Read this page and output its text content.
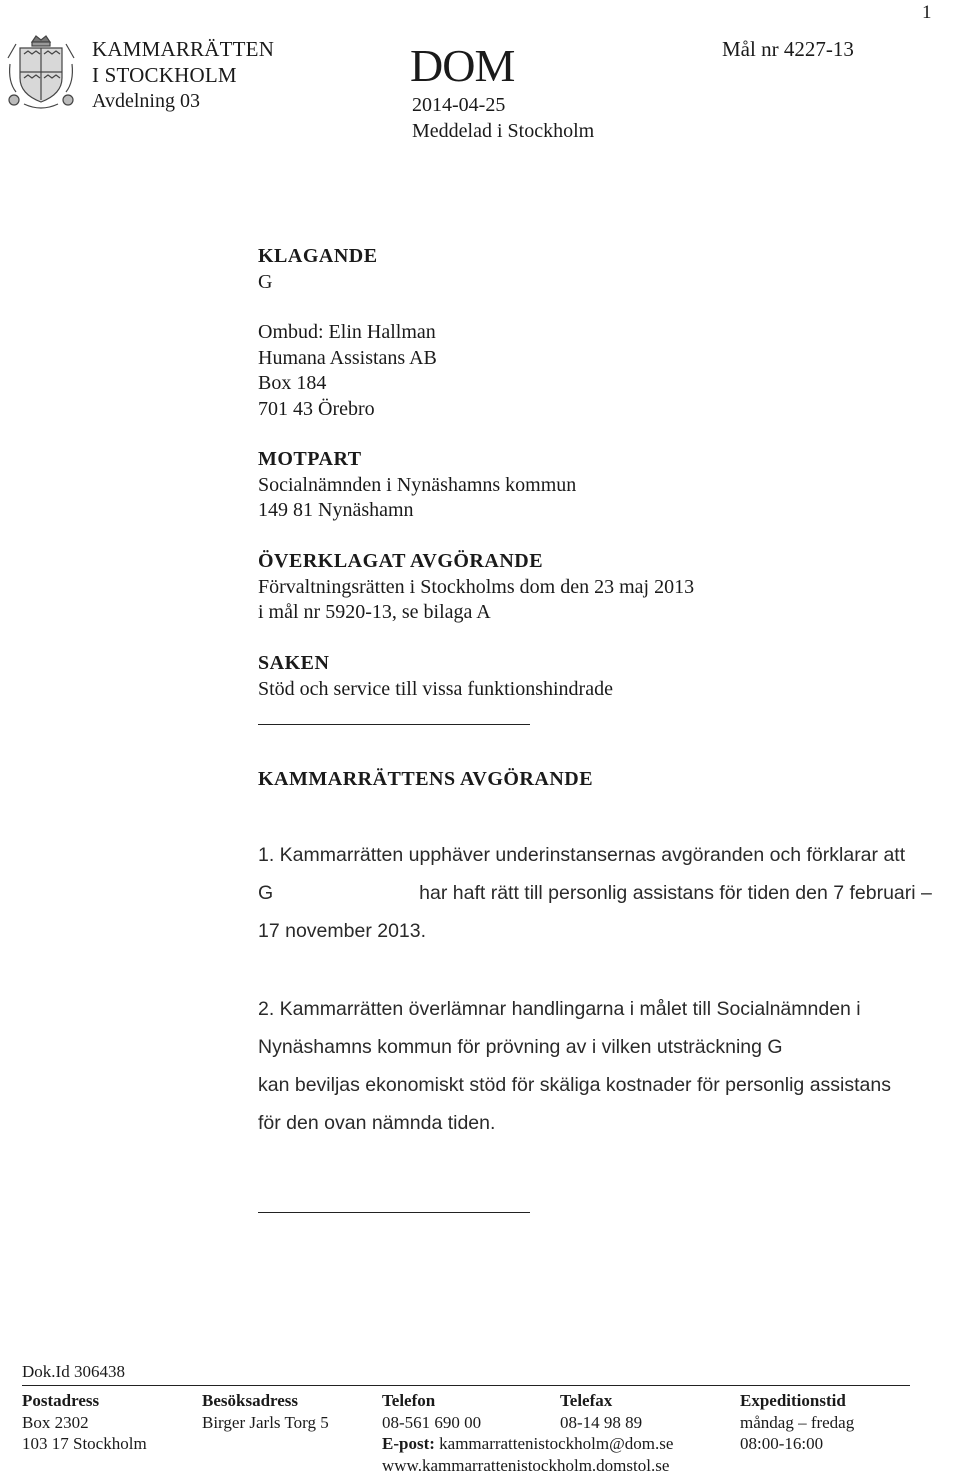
1
KAMMARRÄTTEN
I STOCKHOLM
Avdelning 03
DOM
2014-04-25
Meddelad i Stockholm
Mål nr 4227-13
KLAGANDE
G
Ombud: Elin Hallman
Humana Assistans AB
Box 184
701 43 Örebro
MOTPART
Socialnämnden i Nynäshamns kommun
149 81 Nynäshamn
ÖVERKLAGAT AVGÖRANDE
Förvaltningsrätten i Stockholms dom den 23 maj 2013
i mål nr 5920-13, se bilaga A
SAKEN
Stöd och service till vissa funktionshindrade
KAMMARRÄTTENS AVGÖRANDE

1. Kammarrätten upphäver underinstansernas avgöranden och förklarar att

G	har haft rätt till personlig assistans för tiden den 7 februari –

17 november 2013.

2. Kammarrätten överlämnar handlingarna i målet till Socialnämnden i

Nynäshamns kommun för prövning av i vilken utsträckning G

kan beviljas ekonomiskt stöd för skäliga kostnader för personlig assistans

för den ovan nämnda tiden.

Dok.Id 306438
Postadress
Box 2302
103 17 Stockholm
Besöksadress
Birger Jarls Torg 5
Telefon
08-561 690 00
E-post: kammarrattenistockholm@dom.se
www.kammarrattenistockholm.domstol.se
Telefax
08-14 98 89
Expeditionstid
måndag – fredag
08:00-16:00
